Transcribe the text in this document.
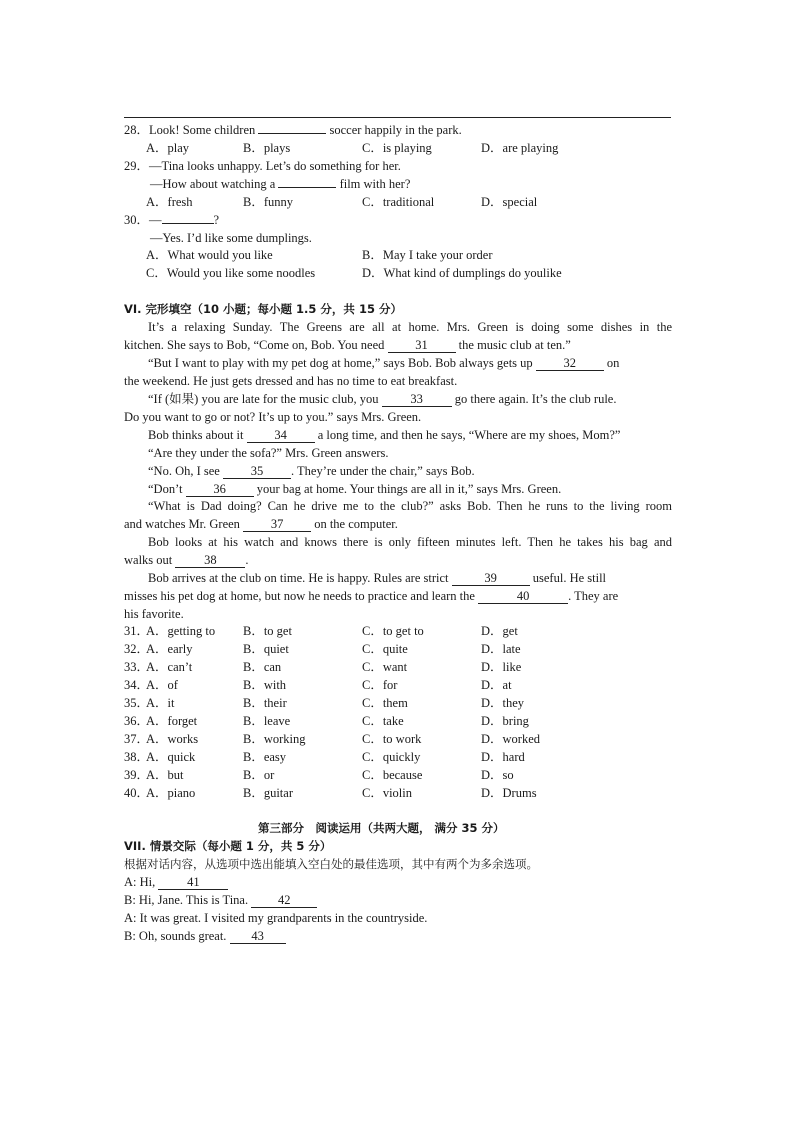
28．Look! Some children	soccer happily in the park.
A．play	B．plays	C．is playing	D．are playing
29．—Tina looks unhappy. Let’s do something for her.
—How about watching a	film with her?
A．fresh	B．funny	C．traditional	D．special
30．—	?
—Yes. I’d like some dumplings.
A．What would you like	B．May I take your order
C．Would you like some noodles	D．What kind of dumplings do youlike
VI. 完形填空（10 小题；每小题 1.5 分，共 15 分）
It’s a relaxing Sunday. The Greens are all at home. Mrs. Green is doing some dishes in the
kitchen. She says to Bob, “Come on, Bob. You need 31 the music club at ten.”
“But I want to play with my pet dog at home,” says Bob. Bob always gets up 32 on
the weekend. He just gets dressed and has no time to eat breakfast.
“If (如果) you are late for the music club, you 33 go there again. It’s the club rule.
Do you want to go or not? It’s up to you.” says Mrs. Green.
Bob thinks about it 34 a long time, and then he says, “Where are my shoes, Mom?”
“Are they under the sofa?” Mrs. Green answers.
“No. Oh, I see 35 . They’re under the chair,” says Bob.
“Don’t 36 your bag at home. Your things are all in it,” says Mrs. Green.
“What is Dad doing? Can he drive me to the club?” asks Bob. Then he runs to the living room
and watches Mr. Green 37 on the computer.
Bob looks at his watch and knows there is only fifteen minutes left. Then he takes his bag and
walks out 38 .
Bob arrives at the club on time. He is happy. Rules are strict	39	useful. He still
misses his pet dog at home, but now he needs to practice and learn the	40	. They are
his favorite.
31．
A．getting to B．to get	C．to get to	D．get
32．
A．early	B．quiet	C．quite	D．late
33．
A．can’t	B．can	C．want	D．like
34．
A．of	B．with	C．for	D．at
35．
A．it	B．their	C．them	D．they
36．
A．forget	B．leave	C．take	D．bring
37．
A．works	B．working	C．to work	D．worked
38．
A．quick	B．easy	C．quickly	D．hard
39．
A．but	B．or	C．because	D．so
40．
A．piano	B．guitar	C．violin	D．Drums
第三部分　阅读运用（共两大题， 满分 35 分）
VII. 情景交际（每小题 1 分，共 5 分）
根据对话内容，从选项中选出能填入空白处的最佳选项，其中有两个为多余选项。
A: Hi, 41
B: Hi, Jane. This is Tina. 42
A: It was great. I visited my grandparents in the countryside.
B: Oh, sounds great. 43
